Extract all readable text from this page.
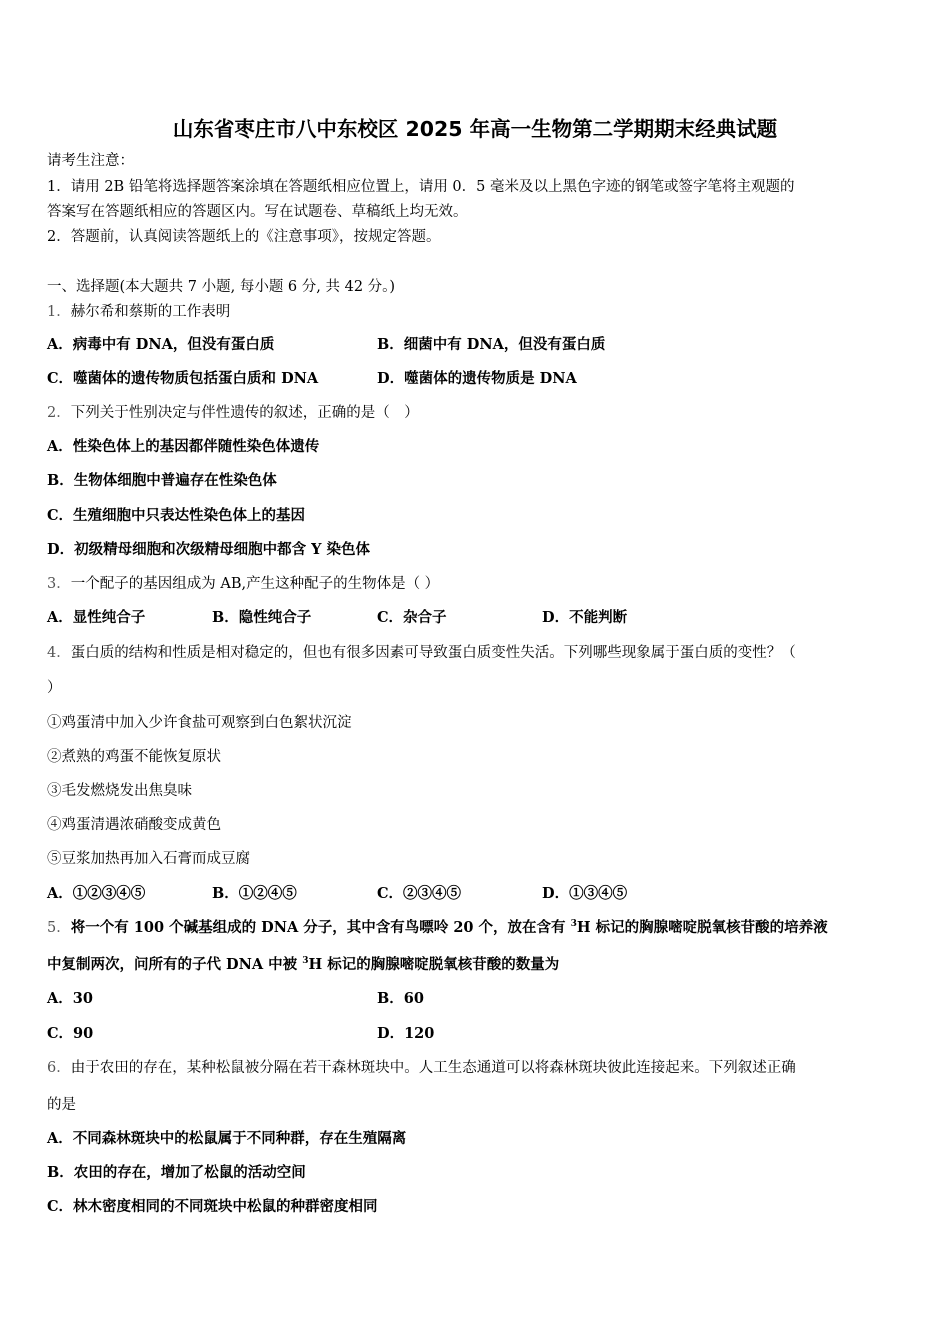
山东省枣庄市八中东校区 2025 年高一生物第二学期期末经典试题
请考生注意：
1．请用 2B 铅笔将选择题答案涂填在答题纸相应位置上，请用 0．5 毫米及以上黑色字迹的钢笔或签字笔将主观题的
答案写在答题纸相应的答题区内。写在试题卷、草稿纸上均无效。
2．答题前，认真阅读答题纸上的《注意事项》，按规定答题。
一、选择题(本大题共 7 小题, 每小题 6 分, 共 42 分。)
1．赫尔希和蔡斯的工作表明
A．病毒中有 DNA，但没有蛋白质	B．细菌中有 DNA，但没有蛋白质
C．噬菌体的遗传物质包括蛋白质和 DNA	D．噬菌体的遗传物质是 DNA
2．下列关于性别决定与伴性遗传的叙述，正确的是（　）
A．性染色体上的基因都伴随性染色体遗传
B．生物体细胞中普遍存在性染色体
C．生殖细胞中只表达性染色体上的基因
D．初级精母细胞和次级精母细胞中都含 Y 染色体
3．一个配子的基因组成为 AB,产生这种配子的生物体是（ ）
A．显性纯合子	B．隐性纯合子	C．杂合子	D．不能判断
4．蛋白质的结构和性质是相对稳定的，但也有很多因素可导致蛋白质变性失活。下列哪些现象属于蛋白质的变性？（
）
①鸡蛋清中加入少许食盐可观察到白色絮状沉淀
②煮熟的鸡蛋不能恢复原状
③毛发燃烧发出焦臭味
④鸡蛋清遇浓硝酸变成黄色
⑤豆浆加热再加入石膏而成豆腐
A．①②③④⑤	B．①②④⑤	C．②③④⑤	D．①③④⑤
5．将一个有 100 个碱基组成的 DNA 分子，其中含有鸟嘌呤 20 个，放在含有 $^3$H 标记的胸腺嘧啶脱氧核苷酸的培养液
中复制两次，问所有的子代 DNA 中被 $^3$H 标记的胸腺嘧啶脱氧核苷酸的数量为
A．30	B．60
C．90	D．120
6．由于农田的存在，某种松鼠被分隔在若干森林斑块中。人工生态通道可以将森林斑块彼此连接起来。下列叙述正确
的是
A．不同森林斑块中的松鼠属于不同种群，存在生殖隔离
B．农田的存在，增加了松鼠的活动空间
C．林木密度相同的不同斑块中松鼠的种群密度相同
